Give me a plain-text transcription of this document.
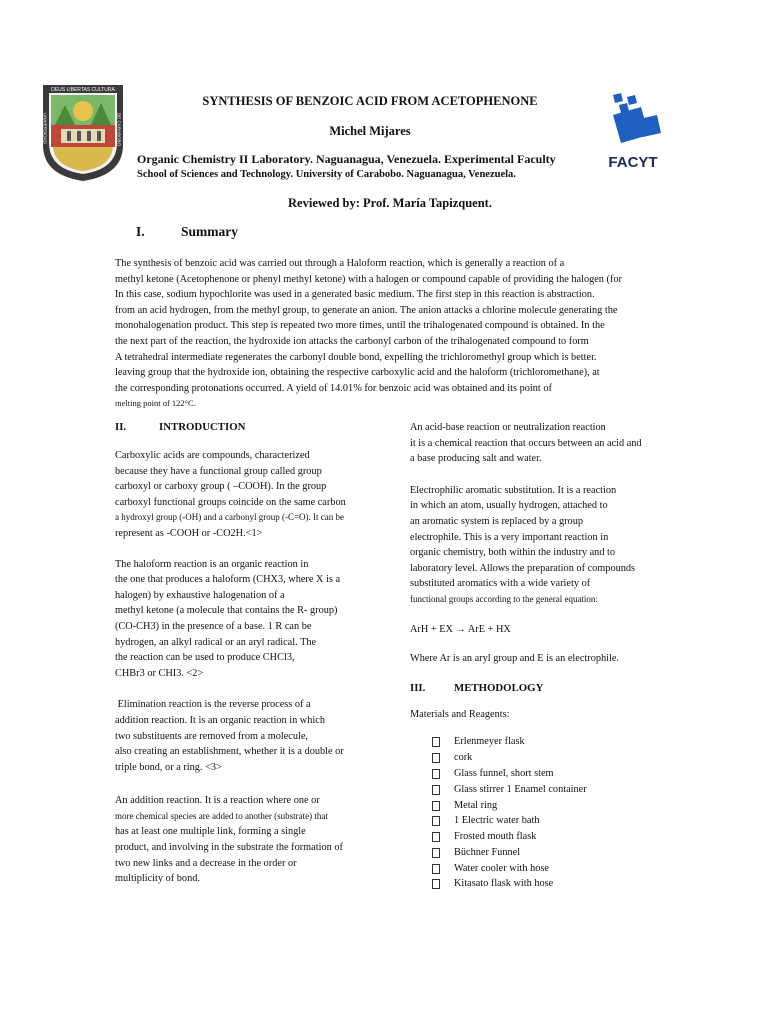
DEUS LIBERTAS CULTURA
UNIVERSIDAD	DE CARABOBO
FACYT
SYNTHESIS OF BENZOIC ACID FROM ACETOPHENONE
Michel Mijares
Organic Chemistry II Laboratory. Naguanagua, Venezuela. Experimental Faculty
School of Sciences and Technology. University of Carabobo. Naguanagua, Venezuela.
Reviewed by: Prof. María Tapizquent.
I.	Summary

The synthesis of benzoic acid was carried out through a Haloform reaction, which is generally a reaction of a

methyl ketone (Acetophenone or phenyl methyl ketone) with a halogen or compound capable of providing the halogen (for

In this case, sodium hypochlorite was used in a generated basic medium. The first step in this reaction is abstraction.

from an acid hydrogen, from the methyl group, to generate an anion. The anion attacks a chlorine molecule generating the

monohalogenation product. This step is repeated two more times, until the trihalogenated compound is obtained. In the

the next part of the reaction, the hydroxide ion attacks the carbonyl carbon of the trihalogenated compound to form

A tetrahedral intermediate regenerates the carbonyl double bond, expelling the trichloromethyl group which is better.

leaving group that the hydroxide ion, obtaining the respective carboxylic acid and the haloform (trichloromethane), at

the corresponding protonations occurred. A yield of 14.01% for benzoic acid was obtained and its point of

melting point of 122°C.

II.	INTRODUCTION

Carboxylic acids are compounds, characterized

because they have a functional group called group

carboxyl or carboxy group ( –COOH). In the group

carboxyl functional groups coincide on the same carbon

a hydroxyl group (-OH) and a carbonyl group (-C=O). It can be

represent as -COOH or -CO2H.<1>

The haloform reaction is an organic reaction in

the one that produces a haloform (CHX3, where X is a

halogen) by exhaustive halogenation of a

methyl ketone (a molecule that contains the R- group)

(CO-CH3) in the presence of a base. 1 R can be

hydrogen, an alkyl radical or an aryl radical. The

the reaction can be used to produce CHCl3,

CHBr3 or CHI3. <2>

Elimination reaction is the reverse process of a

addition reaction. It is an organic reaction in which

two substituents are removed from a molecule,

also creating an establishment, whether it is a double or

triple bond, or a ring. <3>

An addition reaction. It is a reaction where one or

more chemical species are added to another (substrate) that

has at least one multiple link, forming a single

product, and involving in the substrate the formation of

two new links and a decrease in the order or

multiplicity of bond.

An acid-base reaction or neutralization reaction

it is a chemical reaction that occurs between an acid and

a base producing salt and water.

Electrophilic aromatic substitution. It is a reaction

in which an atom, usually hydrogen, attached to

an aromatic system is replaced by a group

electrophile. This is a very important reaction in

organic chemistry, both within the industry and to

laboratory level. Allows the preparation of compounds

substituted aromatics with a wide variety of

functional groups according to the general equation:

ArH + EX → ArE + HX

Where Ar is an aryl group and E is an electrophile.

III.	METHODOLOGY

Materials and Reagents:

Erlenmeyer flask
cork
Glass funnel, short stem
Glass stirrer 1 Enamel container
Metal ring
1 Electric water bath
Frosted mouth flask
Büchner Funnel
Water cooler with hose
Kitasato flask with hose
